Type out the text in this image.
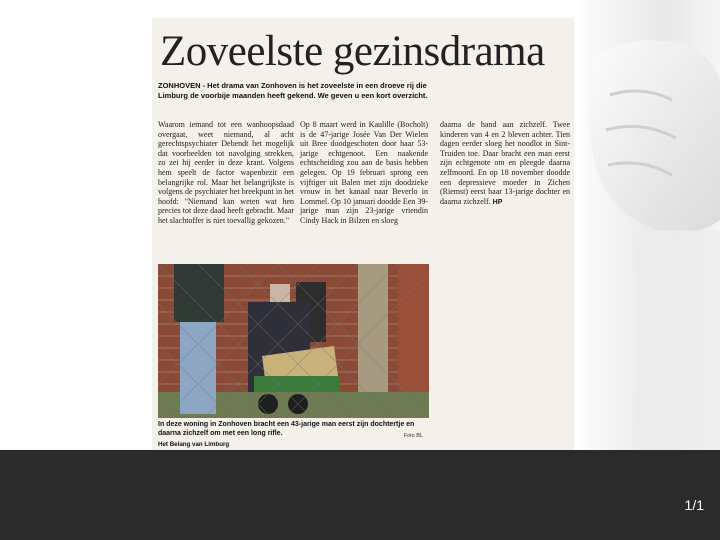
Zoveelste gezinsdrama
ZONHOVEN - Het drama van Zonhoven is het zoveelste in een droeve rij die Limburg de voorbije maanden heeft gekend. We geven u een kort overzicht.
Waarom iemand tot een wanhoopsdaad overgaat, weet niemand, al acht gerechtspsychiater Debendt het mogelijk dat voorbeelden tot navolging strekken, zo zei hij eerder in deze krant. Volgens hem speelt de factor wapenbezit een belangrijke rol. Maar het belangrijkste is volgens de psychiater het breekpunt in het hoofd: "Niemand kan weten wat hen precies tot deze daad heeft gebracht. Maar het slachtoffer is niet toevallig gekozen."
Op 8 maart werd in Kaulille (Bocholt) is de 47-jarige Josée Van Der Wielen uit Bree doodgeschoten door haar 53-jarige echtgenoot. Een naakende echtscheiding zou aan de basis hebben gelegen. Op 19 februari sprong een vijftiger uit Balen met zijn doodzieke vrouw in het kanaal naar Beverlo in Lommel. Op 10 januari doodde Een 39-jarige man zijn 23-jarige vriendin Cindy Hack in Bilzen en sloeg
daarna de hand aan zichzelf. Twee kinderen van 4 en 2 bleven achter. Tien dagen eerder sloeg het noodlot in Sint-Truiden toe. Daar bracht een man eerst zijn echtgenote om en pleegde daarna zelfmoord. En op 18 november doodde een depressieve moeder in Zichen (Riemst) eerst haar 13-jarige dochter en daarna zichzelf. HP
In deze woning in Zonhoven bracht een 43-jarige man eerst zijn dochtertje en daarna zichzelf om met een long rifle.	Foto BL
Het Belang van Limburg
1/1
